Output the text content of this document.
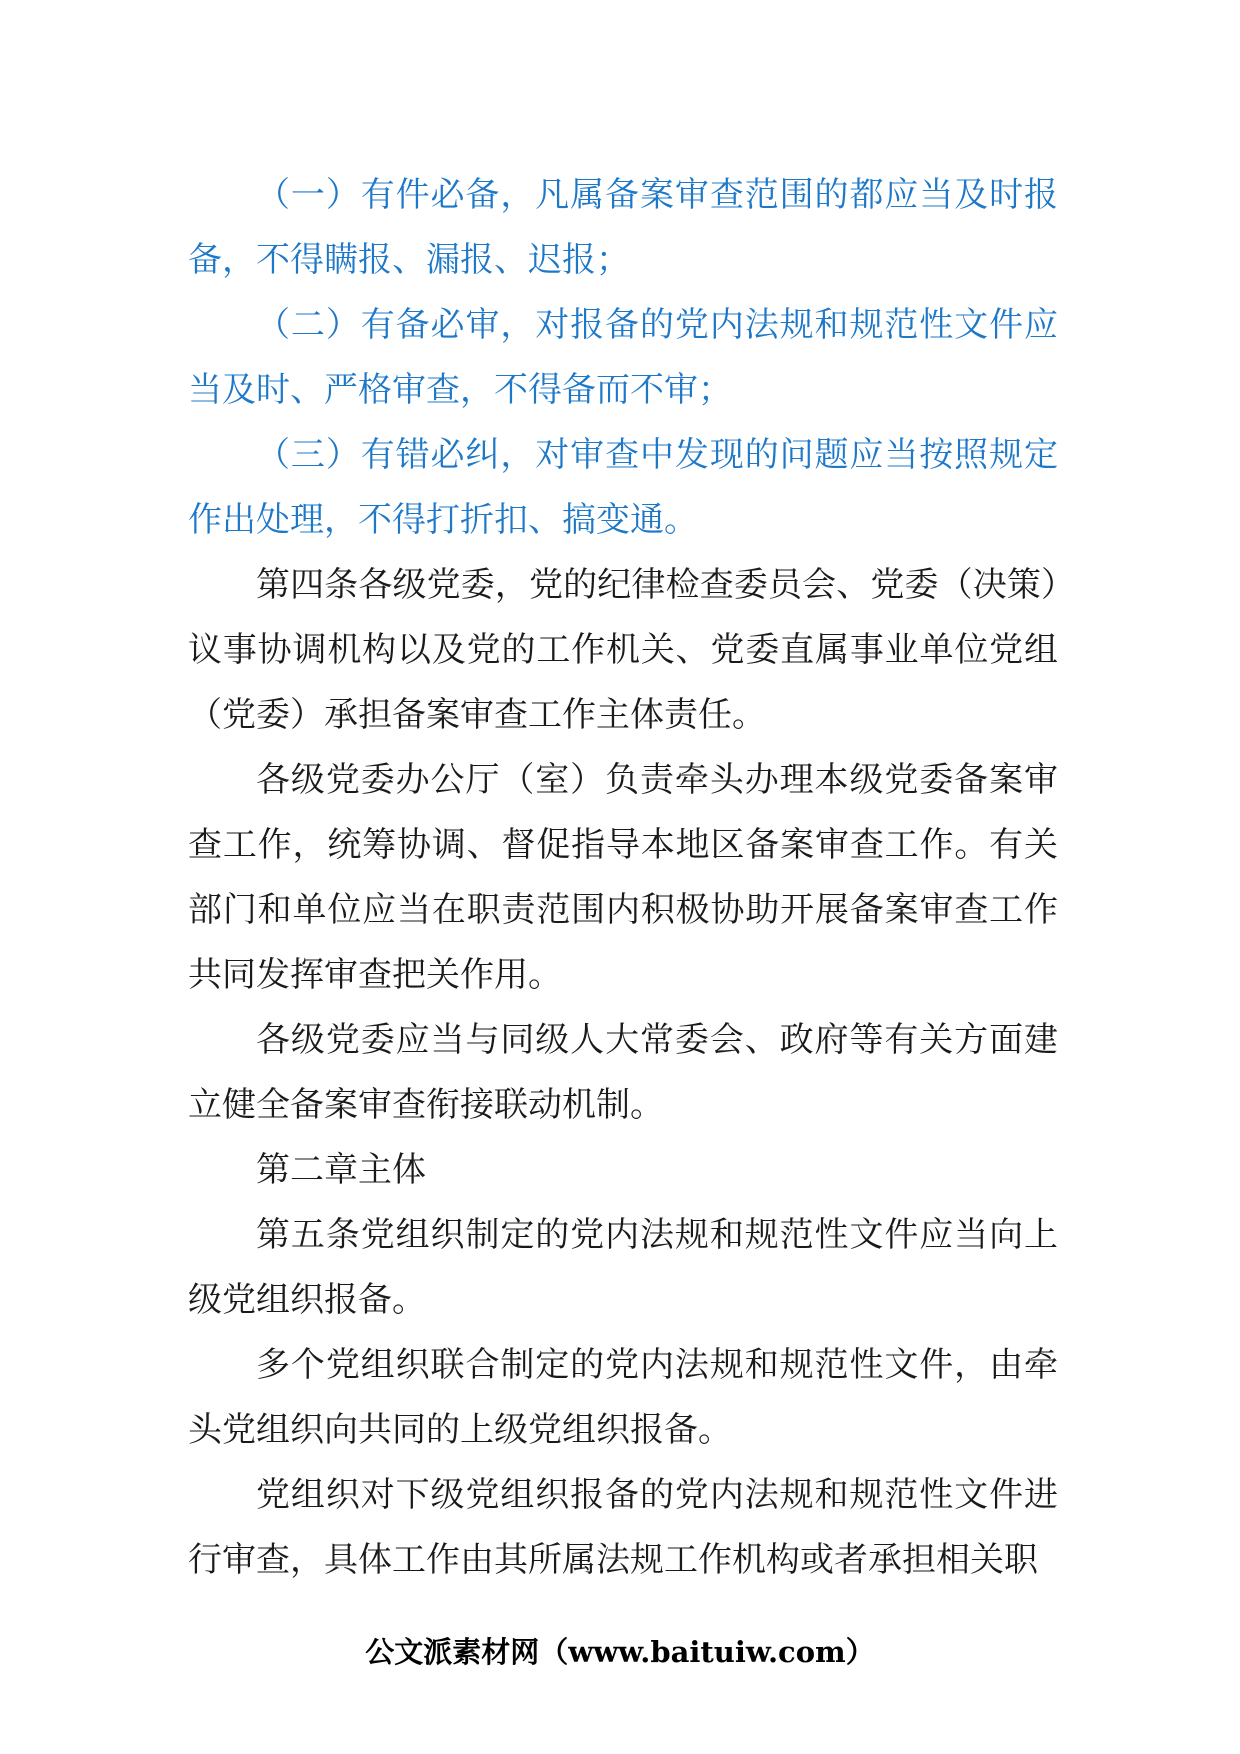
（一）有件必备，凡属备案审查范围的都应当及时报备，不得瞒报、漏报、迟报；

（二）有备必审，对报备的党内法规和规范性文件应当及时、严格审查，不得备而不审；

（三）有错必纠，对审查中发现的问题应当按照规定作出处理，不得打折扣、搞变通。

第四条各级党委，党的纪律检查委员会、党委（决策）议事协调机构以及党的工作机关、党委直属事业单位党组（党委）承担备案审查工作主体责任。

各级党委办公厅（室）负责牵头办理本级党委备案审查工作，统筹协调、督促指导本地区备案审查工作。有关部门和单位应当在职责范围内积极协助开展备案审查工作共同发挥审查把关作用。

各级党委应当与同级人大常委会、政府等有关方面建立健全备案审查衔接联动机制。

第二章主体

第五条党组织制定的党内法规和规范性文件应当向上级党组织报备。

多个党组织联合制定的党内法规和规范性文件，由牵头党组织向共同的上级党组织报备。

党组织对下级党组织报备的党内法规和规范性文件进行审查，具体工作由其所属法规工作机构或者承担相关职

公文派素材网（www.baituiw.com）
